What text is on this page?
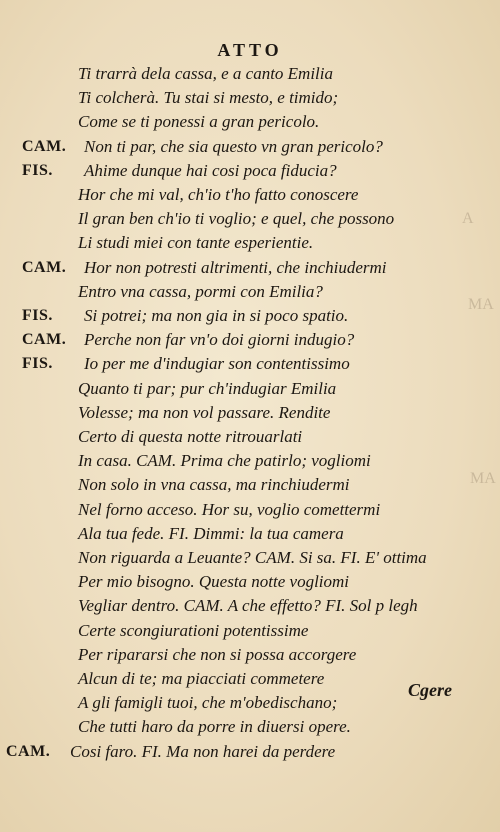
A
MA
MA
ATTO
Ti trarrà dela cassa, e a canto Emilia
Ti colcherà. Tu stai si mesto, e timido;
Come se ti ponessi a gran pericolo.
CAM. Non ti par, che sia questo vn gran pericolo?
FIS. Ahime dunque hai cosi poca fiducia?
Hor che mi val, ch'io t'ho fatto conoscere
Il gran ben ch'io ti voglio; e quel, che possono
Li studi miei con tante esperientie.
CAM. Hor non potresti altrimenti, che inchiudermi
Entro vna cassa, pormi con Emilia?
FIS. Si potrei; ma non gia in si poco spatio.
CAM. Perche non far vn'o doi giorni indugio?
FIS. Io per me d'indugiar son contentissimo
Quanto ti par; pur ch'indugiar Emilia
Volesse; ma non vol passare. Rendite
Certo di questa notte ritrouarlati
In casa. CAM. Prima che patirlo; vogliomi
Non solo in vna cassa, ma rinchiudermi
Nel forno acceso. Hor su, voglio comettermi
Ala tua fede. FI. Dimmi: la tua camera
Non riguarda a Leuante? CAM. Si sa. FI. E' ottima
Per mio bisogno. Questa notte vogliomi
Vegliar dentro. CAM. A che effetto? FI. Sol p legh
Certe scongiurationi potentissime
Per ripararsi che non si possa accorgere
Alcun di te; ma piacciati commetere
A gli famigli tuoi, che m'obedischano;
Che tutti haro da porre in diuersi opere.
CAM. Cosi faro. FI. Ma non harei da perdere
Cgere
